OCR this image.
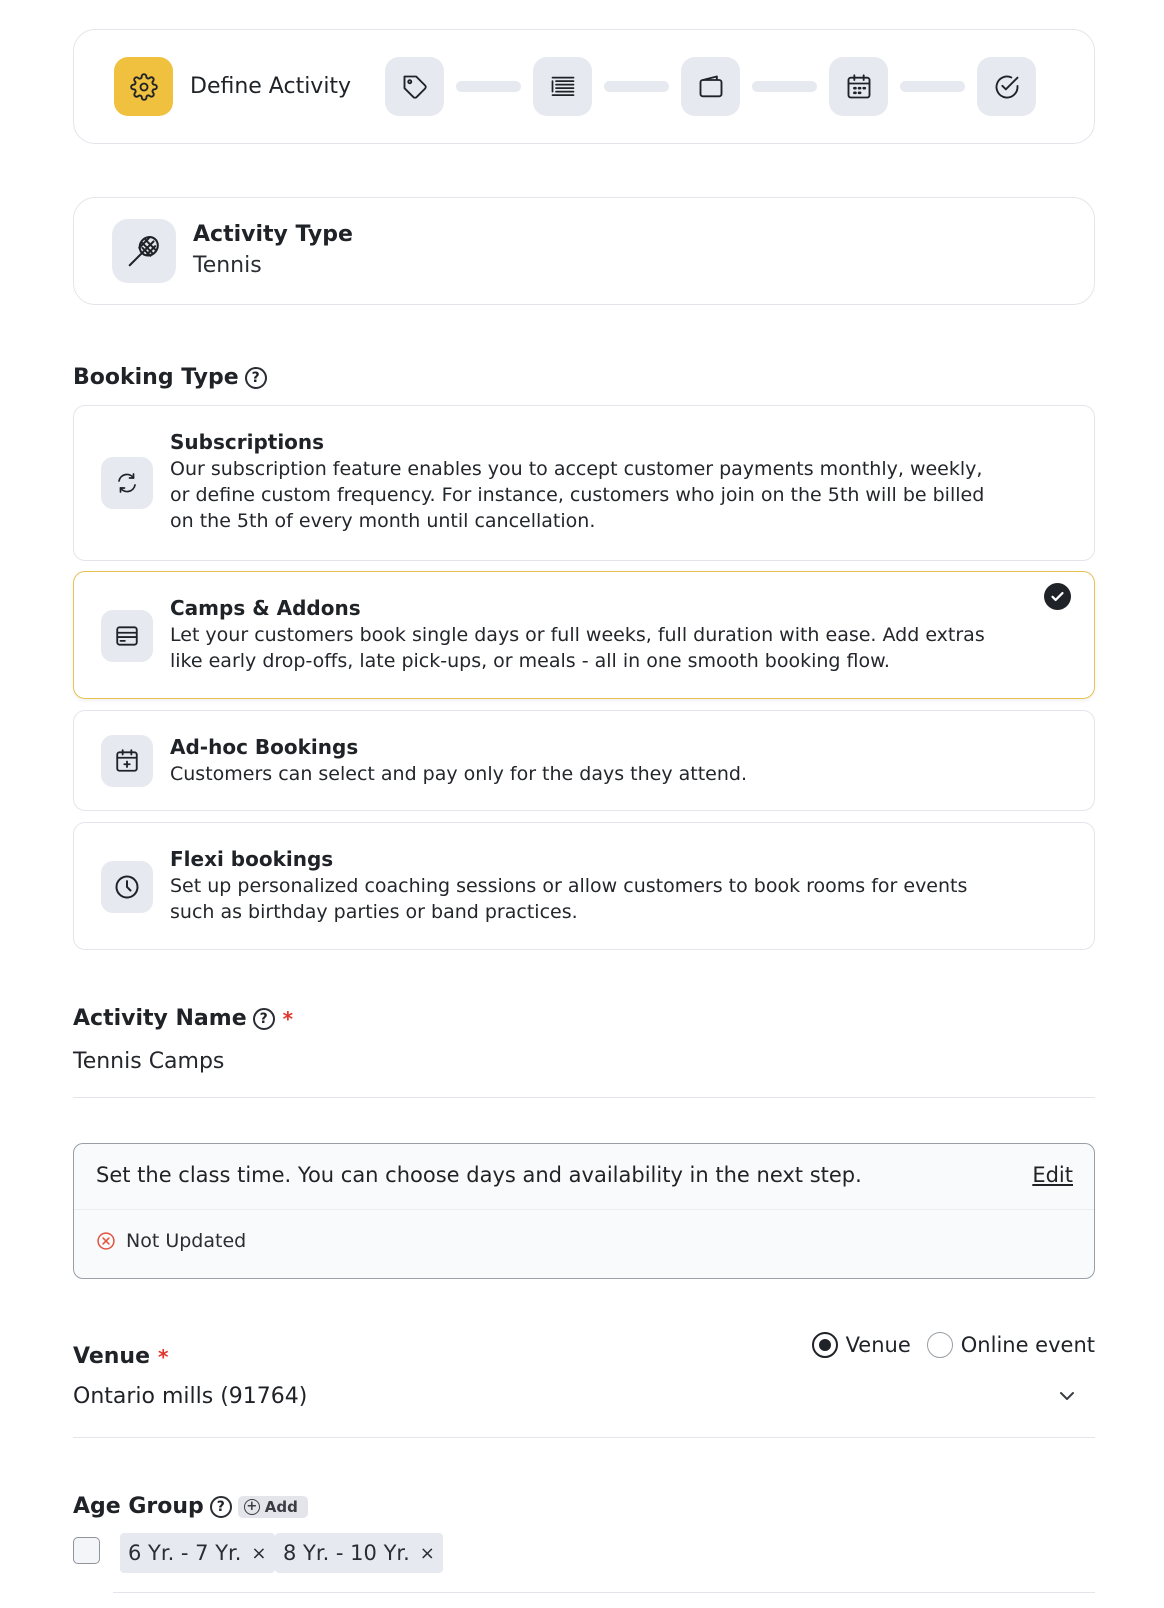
Define Activity
Activity Type
Tennis
Booking Type ?
Subscriptions
Our subscription feature enables you to accept customer payments monthly, weekly, or define custom frequency. For instance, customers who join on the 5th will be billed on the 5th of every month until cancellation.
Camps & Addons
Let your customers book single days or full weeks, full duration with ease. Add extras like early drop-offs, late pick-ups, or meals - all in one smooth booking flow.
Ad-hoc Bookings
Customers can select and pay only for the days they attend.
Flexi bookings
Set up personalized coaching sessions or allow customers to book rooms for events such as birthday parties or band practices.
Activity Name ? *
Tennis Camps
Set the class time. You can choose days and availability in the next step.	Edit
Not Updated
Venue *	Venue Online event
Ontario mills (91764)
Age Group ?	+ Add
6 Yr. - 7 Yr. × 8 Yr. - 10 Yr. ×
